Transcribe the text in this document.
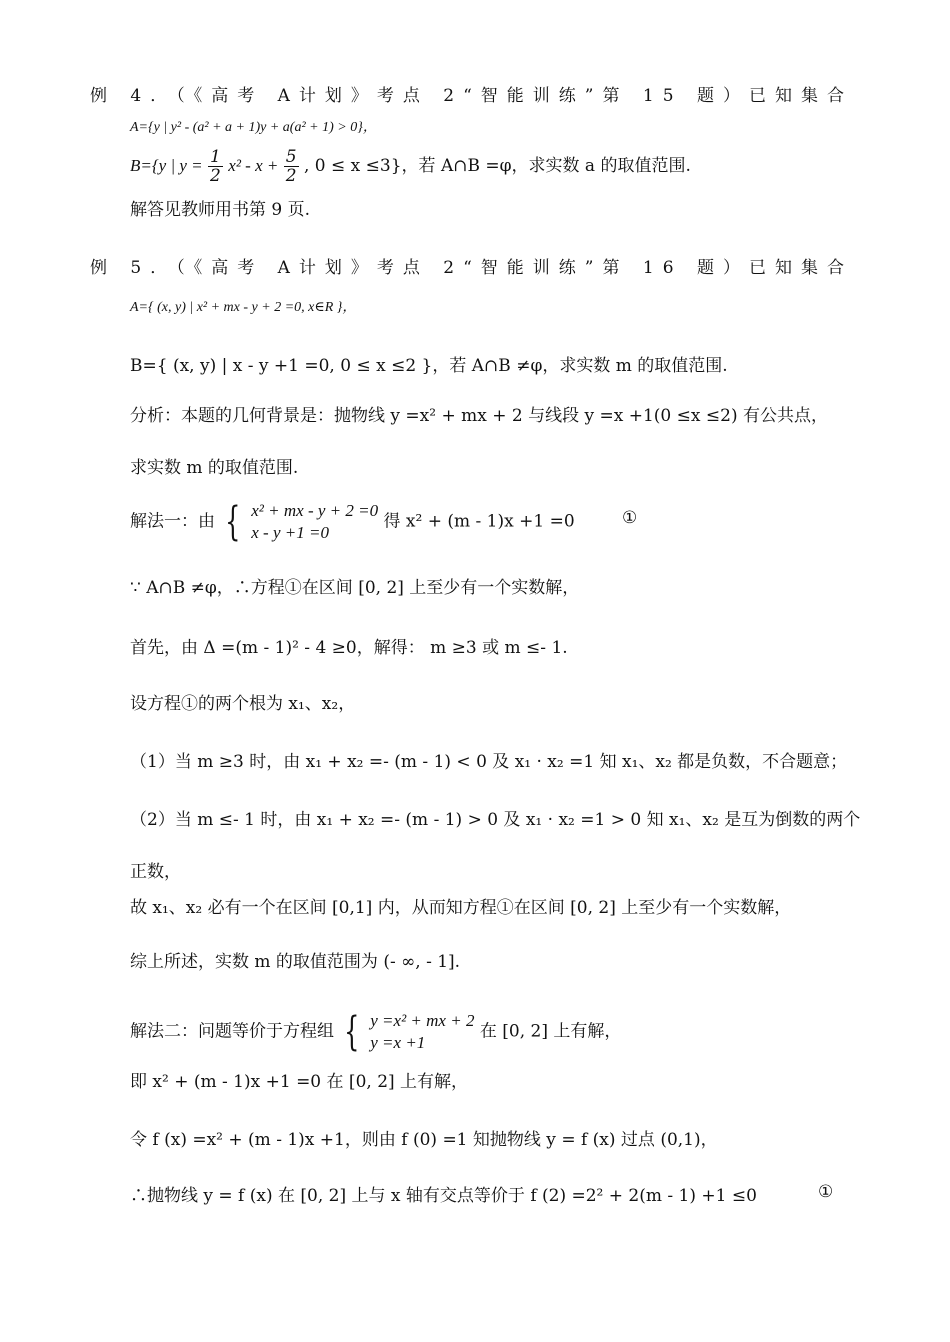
例 4．（《高考 A计划》考点 2“智能训练”第 15 题）已知集合
A={y | y² - (a² + a + 1)y + a(a² + 1) > 0}，
B={y | $y = \frac{1}{2} x^2 - x + \frac{5}{2}$ , 0 ≤ x ≤3}，若 A∩B =φ，求实数 a 的取值范围.
解答见教师用书第 9 页.
例 5．（《高考 A计划》考点 2“智能训练”第 16 题）已知集合
A={ (x, y) | x² + mx - y + 2 =0, x∈R }，
B={ (x, y) | x - y +1 =0, 0 ≤ x ≤2 }，若 A∩B ≠φ，求实数 m 的取值范围.
分析：本题的几何背景是：抛物线 y =x² + mx + 2 与线段 y =x +1(0 ≤x ≤2) 有公共点，
求实数 m 的取值范围.
解法一：由 { x² + mx - y + 2 =0
x - y +1 =0
得 x² + (m - 1)x +1 =0	①
∵ A∩B ≠φ，∴方程①在区间 [0, 2] 上至少有一个实数解，
首先，由 Δ =(m - 1)² - 4 ≥0，解得： m ≥3 或 m ≤- 1.
设方程①的两个根为 x₁、x₂，
（1）当 m ≥3 时，由 x₁ + x₂ =- (m - 1) < 0 及 x₁ · x₂ =1 知 x₁、x₂ 都是负数，不合题意；
（2）当 m ≤- 1 时，由 x₁ + x₂ =- (m - 1) > 0 及 x₁ · x₂ =1 > 0 知 x₁、x₂ 是互为倒数的两个
正数，
故 x₁、x₂ 必有一个在区间 [0,1] 内，从而知方程①在区间 [0, 2] 上至少有一个实数解，
综上所述，实数 m 的取值范围为 (- ∞, - 1].
解法二：问题等价于方程组 { y =x² + mx + 2
y =x +1
在 [0, 2] 上有解，
即 x² + (m - 1)x +1 =0 在 [0, 2] 上有解，
令 f (x) =x² + (m - 1)x +1，则由 f (0) =1 知抛物线 y = f (x) 过点 (0,1)，
∴抛物线 y = f (x) 在 [0, 2] 上与 x 轴有交点等价于 f (2) =2² + 2(m - 1) +1 ≤0	①
